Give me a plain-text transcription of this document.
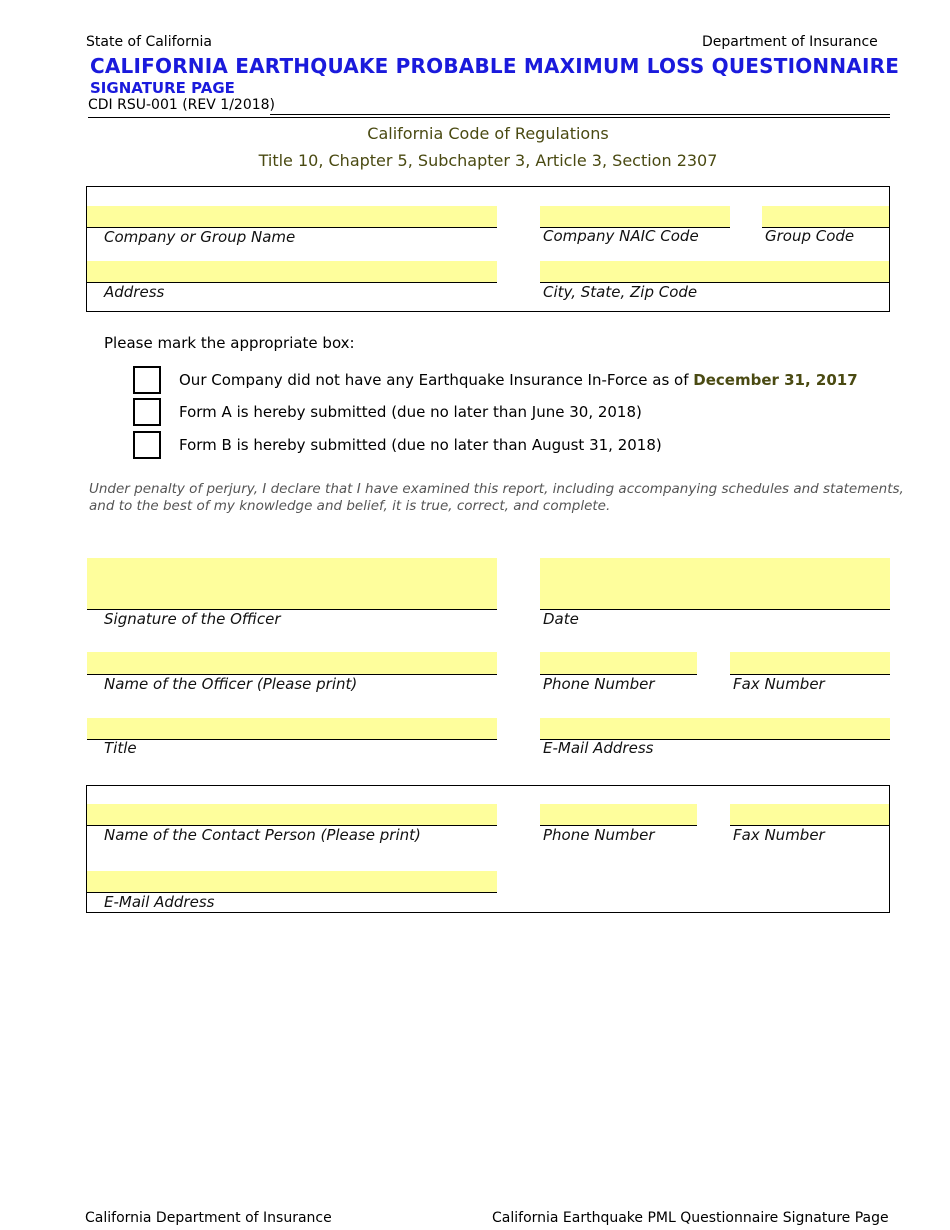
State of California	Department of Insurance
CALIFORNIA EARTHQUAKE PROBABLE MAXIMUM LOSS QUESTIONNAIRE
SIGNATURE PAGE
CDI RSU-001 (REV 1/2018)
California Code of Regulations
Title 10, Chapter 5, Subchapter 3, Article 3, Section 2307
Company or Group Name	Company NAIC Code	Group Code
Address	City, State, Zip Code
Please mark the appropriate box:
Our Company did not have any Earthquake Insurance In-Force as of December 31, 2017
Form A is hereby submitted (due no later than June 30, 2018)
Form B is hereby submitted (due no later than August 31, 2018)
Under penalty of perjury, I declare that I have examined this report, including accompanying schedules and statements,
and to the best of my knowledge and belief, it is true, correct, and complete.
Signature of the Officer	Date
Name of the Officer (Please print)	Phone Number	Fax Number
Title	E-Mail Address
Name of the Contact Person (Please print)	Phone Number	Fax Number
E-Mail Address
California Department of Insurance	California Earthquake PML Questionnaire Signature Page
